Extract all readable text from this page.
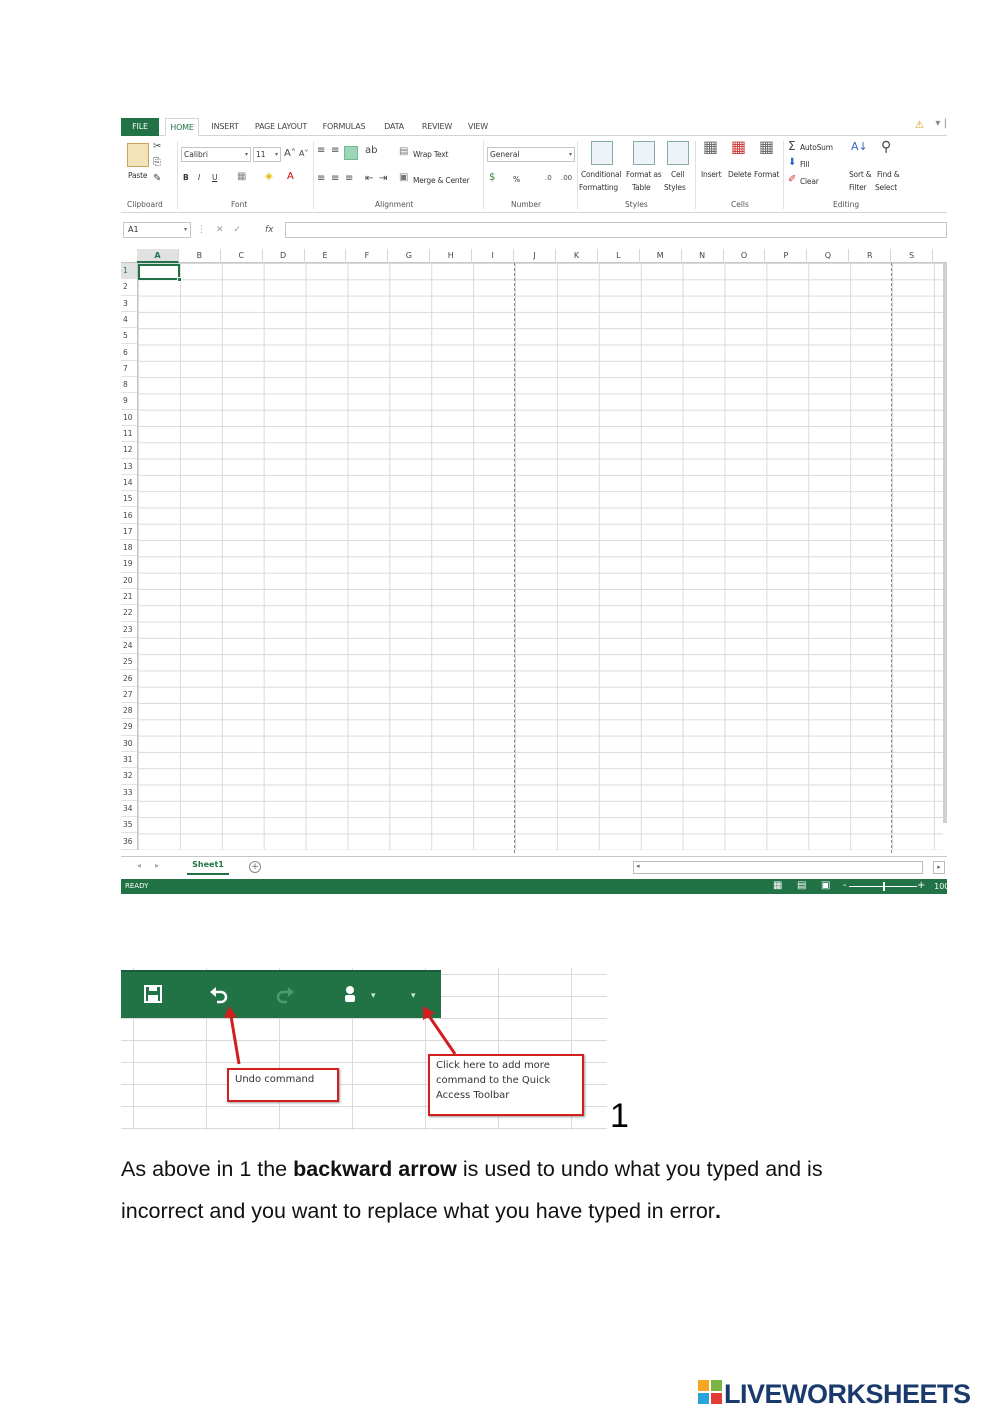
FILE	HOME	INSERT	PAGE LAYOUT	FORMULAS	DATA	REVIEW	VIEW	⚠	▾ |
Paste
✂
⎘
✎
Clipboard
Calibri	▾	11 ▾ A˄ A˅
B I U ▦ ◈ A
Font
≡ ≡	ab
≡ ≡ ≡ ⇤ ⇥
▤ Wrap Text
▣ Merge & Center
Alignment
General	▾
$ %	.0 .00
Number
Conditional
Formatting
Format as
Table
Cell
Styles
Styles
▦
Insert
▦
Delete
▦
Format
Cells
Σ AutoSum
⬇ Fill
✐ Clear
A↓
Sort &
Filter
⚲
Find &
Select
Editing
A1	▾ ⋮✕✓ fx
A	B	C	D	E	F	G	H	I	J	K	L	M	N	O	P	Q	R	S
1
2
3
4
5
6
7
8
9
10
11
12
13
14
15
16
17
18
19
20
21
22
23
24
25
26
27
28
29
30
31
32
33
34
35
36
◂▸	Sheet1	+	◂	▸
READY	▦ ▤ ▣ -	+ 100%
▾	▾
Undo command
Click here to add more command to the Quick Access Toolbar
1

As above in 1 the backward arrow is used to undo what you typed and is incorrect and you want to replace what you have typed in error.

LIVEWORKSHEETS
